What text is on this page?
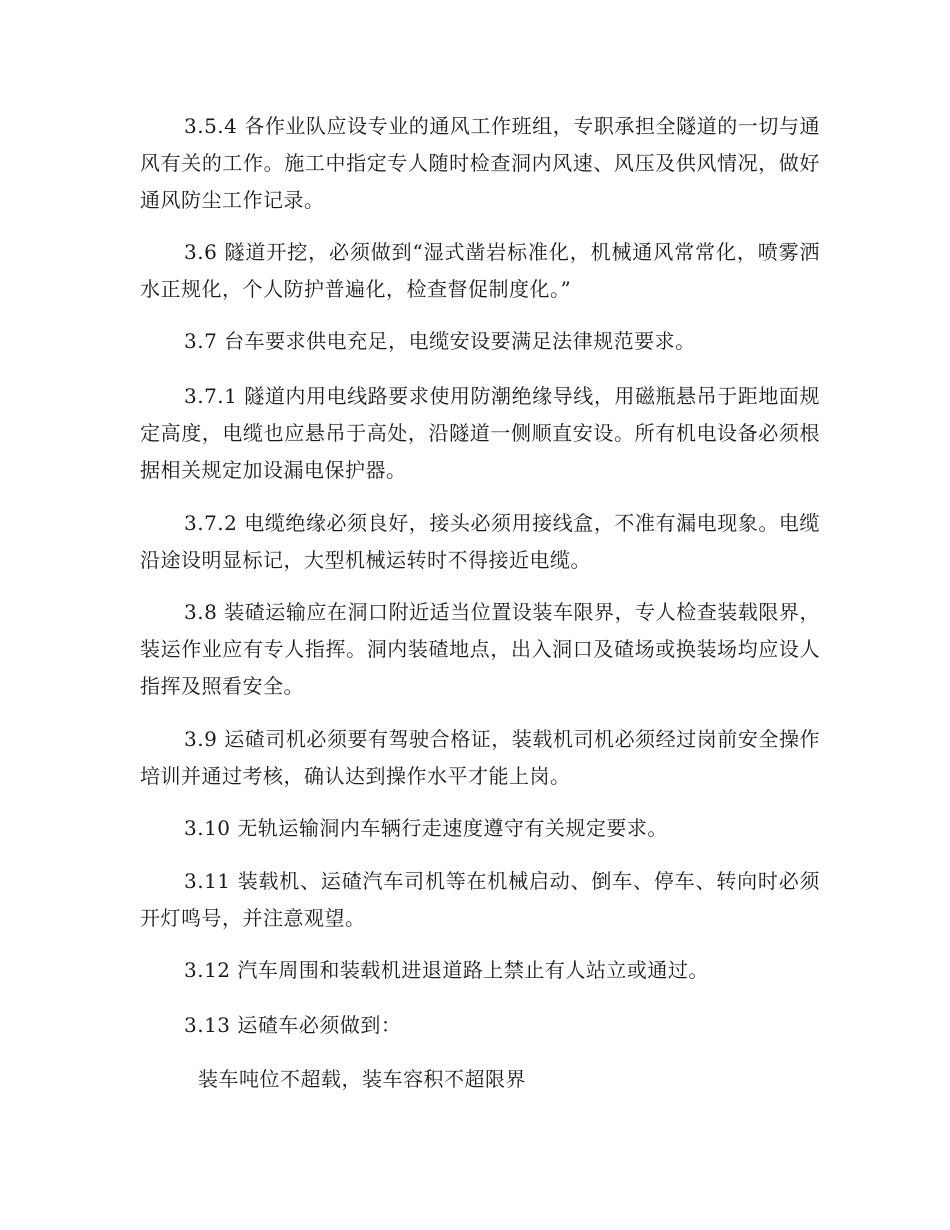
3.5.4 各作业队应设专业的通风工作班组，专职承担全隧道的一切与通风有关的工作。施工中指定专人随时检查洞内风速、风压及供风情况，做好通风防尘工作记录。

3.6 隧道开挖，必须做到“湿式凿岩标准化，机械通风常常化，喷雾洒水正规化，个人防护普遍化，检查督促制度化。”

3.7 台车要求供电充足，电缆安设要满足法律规范要求。

3.7.1 隧道内用电线路要求使用防潮绝缘导线，用磁瓶悬吊于距地面规定高度，电缆也应悬吊于高处，沿隧道一侧顺直安设。所有机电设备必须根据相关规定加设漏电保护器。

3.7.2 电缆绝缘必须良好，接头必须用接线盒，不准有漏电现象。电缆沿途设明显标记，大型机械运转时不得接近电缆。

3.8 装碴运输应在洞口附近适当位置设装车限界，专人检查装载限界，装运作业应有专人指挥。洞内装碴地点，出入洞口及碴场或换装场均应设人指挥及照看安全。

3.9 运碴司机必须要有驾驶合格证，装载机司机必须经过岗前安全操作培训并通过考核，确认达到操作水平才能上岗。

3.10 无轨运输洞内车辆行走速度遵守有关规定要求。

3.11 装载机、运碴汽车司机等在机械启动、倒车、停车、转向时必须开灯鸣号，并注意观望。

3.12 汽车周围和装载机进退道路上禁止有人站立或通过。

3.13 运碴车必须做到：

装车吨位不超载，装车容积不超限界
